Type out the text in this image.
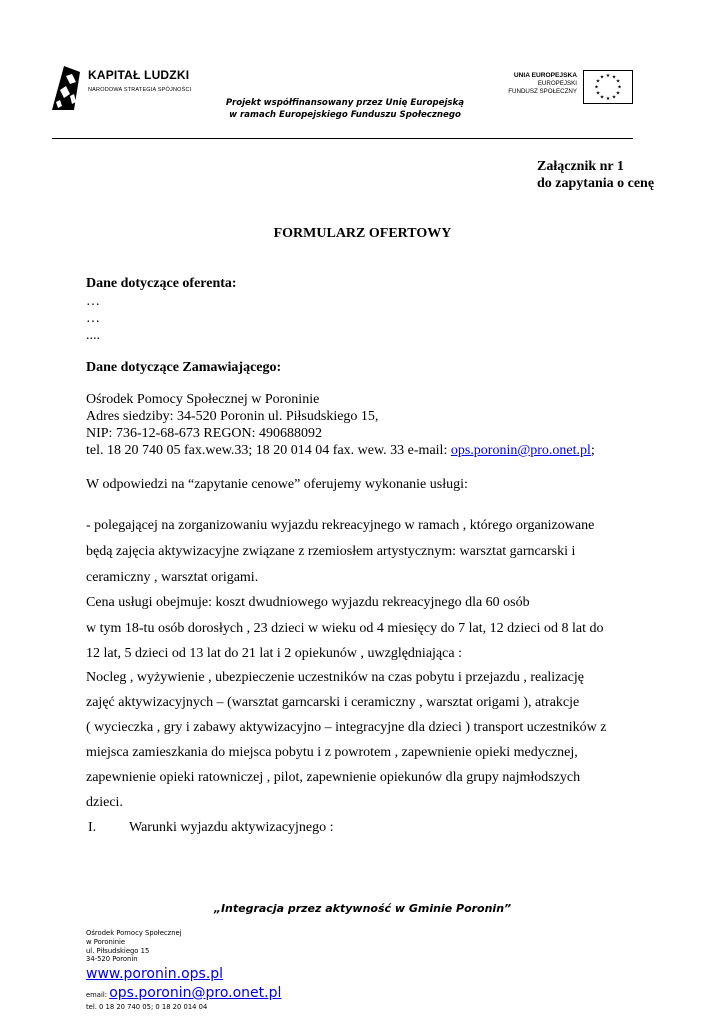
KAPITAŁ LUDZKI
NARODOWA STRATEGIA SPÓJNOŚCI
Projekt współfinansowany przez Unię Europejską
w ramach Europejskiego Funduszu Społecznego
UNIA EUROPEJSKA
EUROPEJSKI
FUNDUSZ SPOŁECZNY
★ ★
★
★
★
★
★
★
★
★
★
★
Załącznik nr 1
do zapytania o cenę
FORMULARZ OFERTOWY
Dane dotyczące oferenta:
…
…
....
Dane dotyczące Zamawiającego:
Ośrodek Pomocy Społecznej w Poroninie
Adres siedziby: 34-520 Poronin ul. Piłsudskiego 15,
NIP: 736-12-68-673 REGON: 490688092
tel. 18 20 740 05 fax.wew.33; 18 20 014 04 fax. wew. 33 e-mail: ops.poronin@pro.onet.pl;
W odpowiedzi na “zapytanie cenowe” oferujemy wykonanie usługi:
- polegającej na zorganizowaniu wyjazdu rekreacyjnego w ramach , którego organizowane
będą zajęcia aktywizacyjne związane z rzemiosłem artystycznym: warsztat garncarski i
ceramiczny , warsztat origami.
Cena usługi obejmuje: koszt dwudniowego wyjazdu rekreacyjnego dla 60 osób
w tym 18-tu osób dorosłych , 23 dzieci w wieku od 4 miesięcy do 7 lat, 12 dzieci od 8 lat do
12 lat, 5 dzieci od 13 lat do 21 lat i 2 opiekunów , uwzględniająca :
Nocleg , wyżywienie , ubezpieczenie uczestników na czas pobytu i przejazdu , realizację
zajęć aktywizacyjnych – (warsztat garncarski i ceramiczny , warsztat origami ), atrakcje
( wycieczka , gry i zabawy aktywizacyjno – integracyjne dla dzieci ) transport uczestników z
miejsca zamieszkania do miejsca pobytu i z powrotem , zapewnienie opieki medycznej,
zapewnienie opieki ratowniczej , pilot, zapewnienie opiekunów dla grupy najmłodszych
dzieci.
I. Warunki wyjazdu aktywizacyjnego :
„Integracja przez aktywność w Gminie Poronin”
Ośrodek Pomocy Społecznej
w Poroninie
ul. Piłsudskiego 15
34-520 Poronin
www.poronin.ops.pl
email: ops.poronin@pro.onet.pl
tel. 0 18 20 740 05; 0 18 20 014 04
